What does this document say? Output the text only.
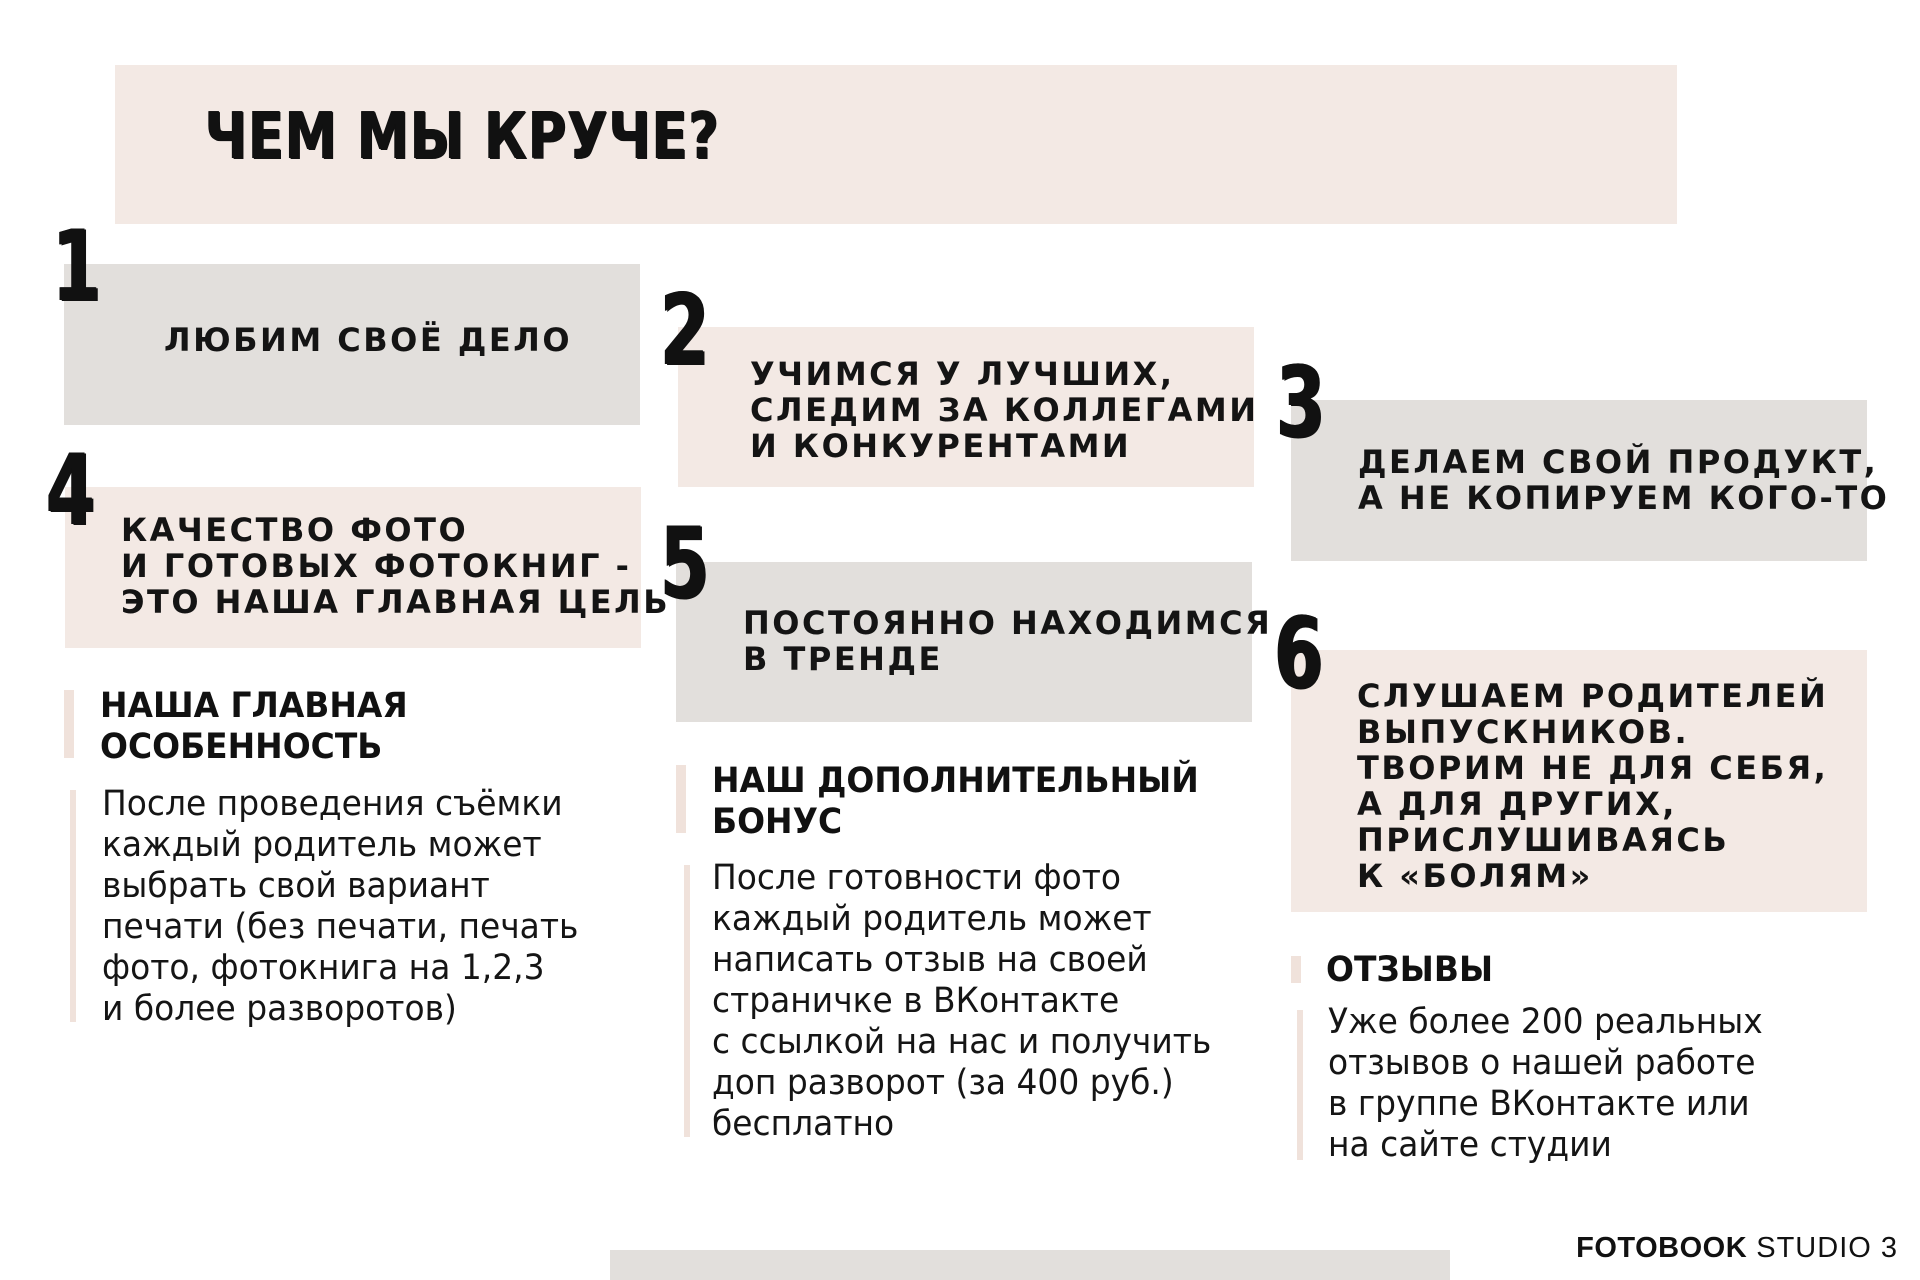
ЧЕМ МЫ КРУЧЕ?
1
ЛЮБИМ СВОЁ ДЕЛО 2 УЧИМСЯ У ЛУЧШИХ,
СЛЕДИМ ЗА КОЛЛЕГАМИ
И КОНКУРЕНТАМИ	3
ДЕЛАЕМ СВОЙ ПРОДУКТ,
А НЕ КОПИРУЕМ КОГО-ТО
4 КАЧЕСТВО ФОТО
И ГОТОВЫХ ФОТОКНИГ -
ЭТО НАША ГЛАВНАЯ ЦЕЛЬ
5
ПОСТОЯННО НАХОДИМСЯ
В ТРЕНДЕ	6 СЛУШАЕМ РОДИТЕЛЕЙ
ВЫПУСКНИКОВ.
ТВОРИМ НЕ ДЛЯ СЕБЯ,
А ДЛЯ ДРУГИХ,
ПРИСЛУШИВАЯСЬ
К «БОЛЯМ»
НАША ГЛАВНАЯ
ОСОБЕННОСТЬ
После проведения съёмки
каждый родитель может
выбрать свой вариант
печати (без печати, печать
фото, фотокнига на 1,2,3
и более разворотов)
НАШ ДОПОЛНИТЕЛЬНЫЙ
БОНУС
После готовности фото
каждый родитель может
написать отзыв на своей
страничке в ВКонтакте
с ссылкой на нас и получить
доп разворот (за 400 руб.)
бесплатно
ОТЗЫВЫ
Уже более 200 реальных
отзывов о нашей работе
в группе ВКонтакте или
на сайте студии
FOTOBOOK STUDIO 3
